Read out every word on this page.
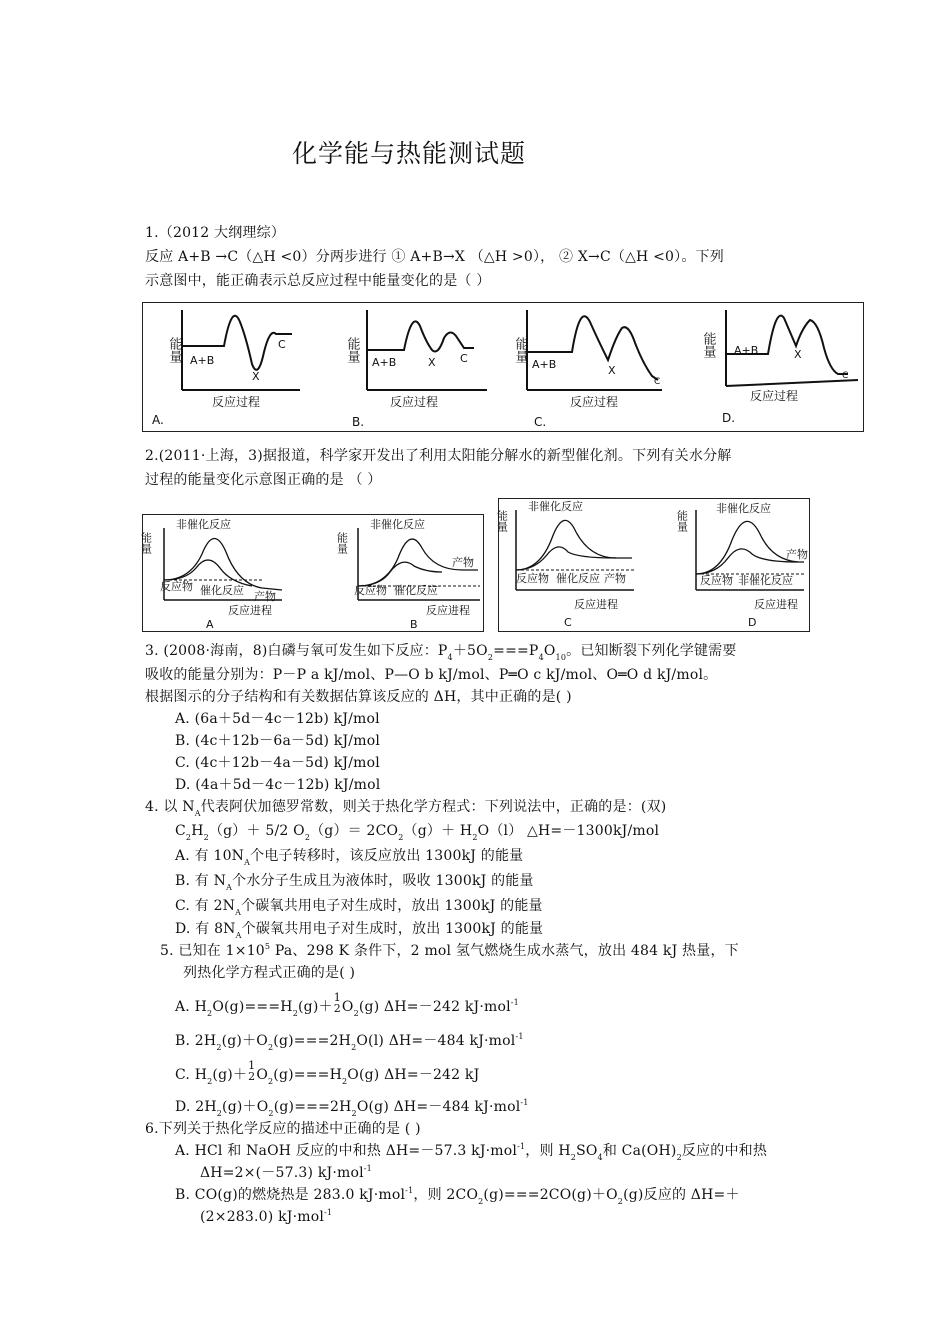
化学能与热能测试题
1.（2012 大纲理综）
反应 A+B →C（△H <0）分两步进行 ① A+B→X （△H >0）， ② X→C（△H <0）。下列
示意图中，能正确表示总反应过程中能量变化的是（ ）
能量 A+B
X
C
反应过程
A.
能量 A+B	X C
反应过程
B.
能量
A+B	X
C
反应过程
C.
能量 A+B	X
C
反应过程
D.
2.(2011·上海，3)据报道，科学家开发出了利用太阳能分解水的新型催化剂。下列有关水分解
过程的能量变化示意图正确的是 （ ）
能量
非催化反应
反应物 催化反应 产物
反应进程
A
能量
非催化反应
反应物 催化反应
产物
反应进程
B
能量
非催化反应
反应物 催化反应 产物
反应进程
C
能量
非催化反应
反应物 非催化反应
产物
反应进程
D
3. (2008·海南，8)白磷与氧可发生如下反应：$P_4+5O_2===P_4O_{10}$。已知断裂下列化学键需要
吸收的能量分别为：P－P a kJ/mol、P—O b kJ/mol、P═O c kJ/mol、O═O d kJ/mol。
根据图示的分子结构和有关数据估算该反应的 ΔH，其中正确的是( )
A. (6a＋5d－4c－12b) kJ/mol
B. (4c＋12b－6a－5d) kJ/mol
C. (4c＋12b－4a－5d) kJ/mol
D. (4a＋5d－4c－12b) kJ/mol
4. 以 $N_A$代表阿伏加德罗常数，则关于热化学方程式：下列说法中，正确的是：(双)
$C_2H_2(g)+ 5/2$ $O_2(g)= 2CO_2(g)+ H_2O(l)$ △H=－1300kJ/mol
A. 有 $10N_A$个电子转移时，该反应放出 1300kJ 的能量
B. 有 $N_A$个水分子生成且为液体时，吸收 1300kJ 的能量
C. 有 $2N_A$个碳氧共用电子对生成时，放出 1300kJ 的能量
D. 有 $8N_A$个碳氧共用电子对生成时，放出 1300kJ 的能量
5. 已知在 $1\times 10^5$ Pa、298 K 条件下，2 mol 氢气燃烧生成水蒸气，放出 484 kJ 热量，下
列热化学方程式正确的是( )
A. $H_2O(g)===H_2(g)+$
1
2 $O_2(g)$ ΔH=－242 kJ·mol$^{-1}$
B. $2H_2(g)+O_2(g)===2H_2O(l)$ ΔH=－484 kJ·mol$^{-1}$
C. $H_2(g)+$
1
2 $O_2(g)===H_2O(g)$ ΔH=－242 kJ
D. $2H_2(g)+O_2(g)===2H_2O(g)$ ΔH=－484 kJ·mol$^{-1}$
6.下列关于热化学反应的描述中正确的是 ( )
A. HCl 和 NaOH 反应的中和热 ΔH=－57.3 kJ·mol$^{-1}$，则 $H_2SO_4$和 $Ca(OH)_2$反应的中和热
ΔH=2×(－57.3) kJ·mol$^{-1}$
B. CO(g)的燃烧热是 283.0 kJ·mol$^{-1}$，则 $2CO_2(g)===2CO(g)+O_2(g)$反应的 ΔH=＋
(2×283.0) kJ·mol$^{-1}$
